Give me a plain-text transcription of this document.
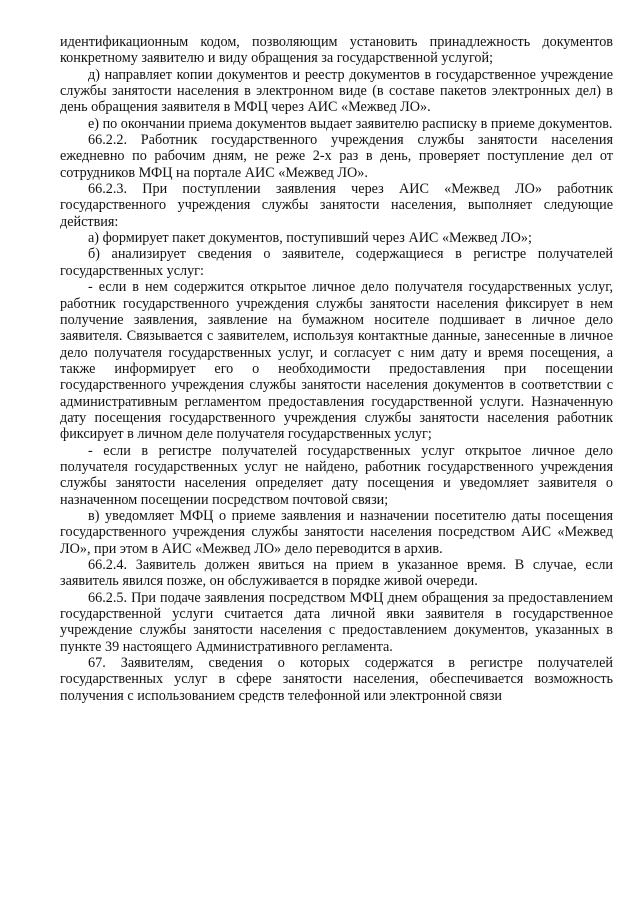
идентификационным кодом, позволяющим установить принадлежность документов конкретному заявителю и виду обращения за государственной услугой;

д) направляет копии документов и реестр документов в государственное учреждение службы занятости населения в электронном виде (в составе пакетов электронных дел) в день обращения заявителя в МФЦ через АИС «Межвед ЛО».

е) по окончании приема документов выдает заявителю расписку в приеме документов.

66.2.2. Работник государственного учреждения службы занятости населения ежедневно по рабочим дням, не реже 2-х раз в день, проверяет поступление дел от сотрудников МФЦ на портале АИС «Межвед ЛО».

66.2.3. При поступлении заявления через АИС «Межвед ЛО» работник государственного учреждения службы занятости населения, выполняет следующие действия:

а) формирует пакет документов, поступивший через АИС «Межвед ЛО»;

б) анализирует сведения о заявителе, содержащиеся в регистре получателей государственных услуг:

- если в нем содержится открытое личное дело получателя государственных услуг, работник государственного учреждения службы занятости населения фиксирует в нем получение заявления, заявление на бумажном носителе подшивает в личное дело заявителя. Связывается с заявителем, используя контактные данные, занесенные в личное дело получателя государственных услуг, и согласует с ним дату и время посещения, а также информирует его о необходимости предоставления при посещении государственного учреждения службы занятости населения документов в соответствии с административным регламентом предоставления государственной услуги. Назначенную дату посещения государственного учреждения службы занятости населения работник фиксирует в личном деле получателя государственных услуг;

- если в регистре получателей государственных услуг открытое личное дело получателя государственных услуг не найдено, работник государственного учреждения службы занятости населения определяет дату посещения и уведомляет заявителя о назначенном посещении посредством почтовой связи;

в) уведомляет МФЦ о приеме заявления и назначении посетителю даты посещения государственного учреждения службы занятости населения посредством АИС «Межвед ЛО», при этом в АИС «Межвед ЛО» дело переводится в архив.

66.2.4. Заявитель должен явиться на прием в указанное время. В случае, если заявитель явился позже, он обслуживается в порядке живой очереди.

66.2.5. При подаче заявления посредством МФЦ днем обращения за предоставлением государственной услуги считается дата личной явки заявителя в государственное учреждение службы занятости населения с предоставлением документов, указанных в пункте 39 настоящего Административного регламента.

67. Заявителям, сведения о которых содержатся в регистре получателей государственных услуг в сфере занятости населения, обеспечивается возможность получения с использованием средств телефонной или электронной связи
